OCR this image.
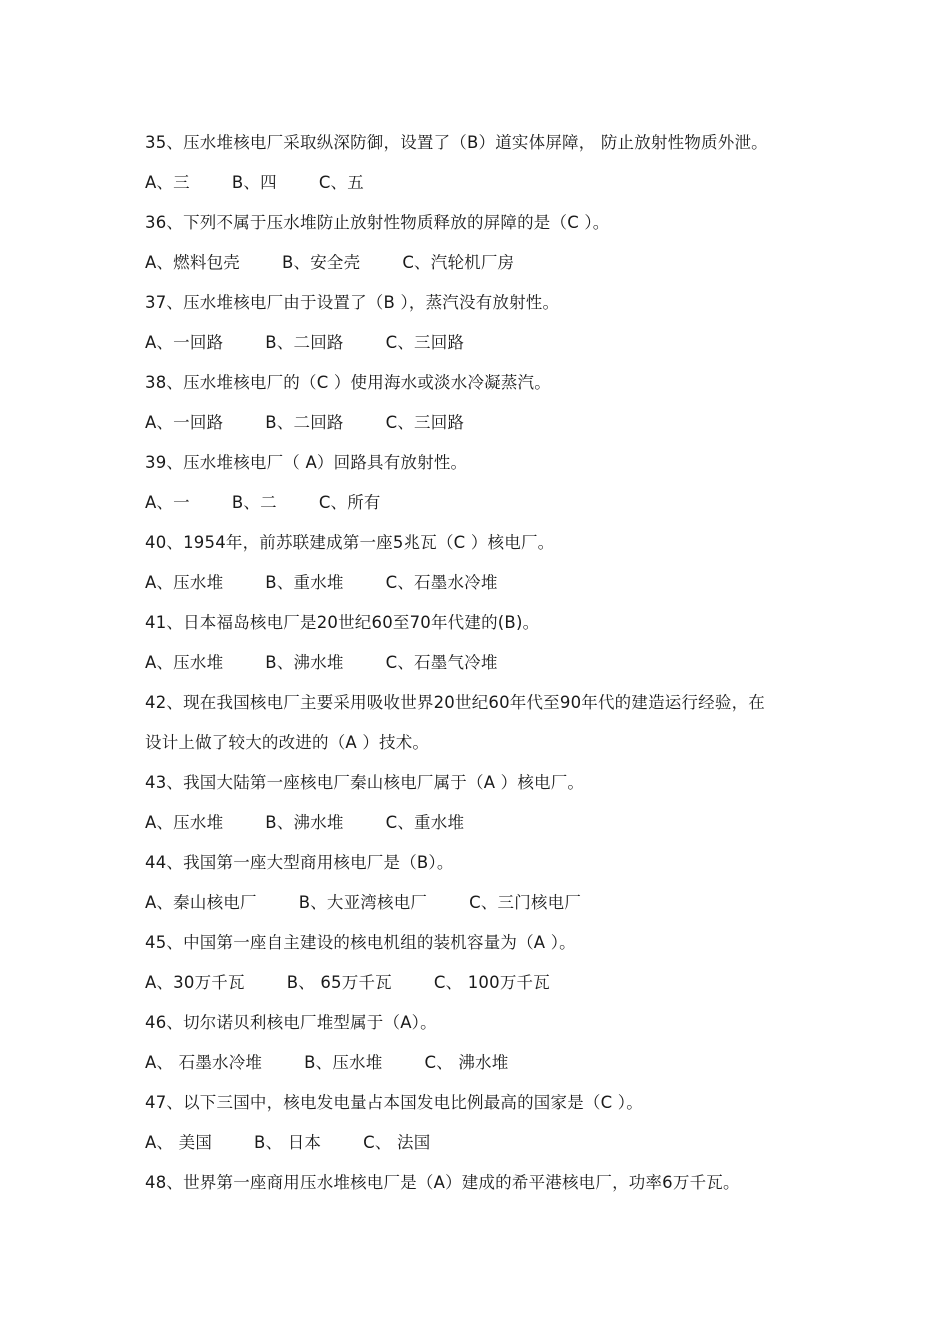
35、压水堆核电厂采取纵深防御，设置了（B）道实体屏障， 防止放射性物质外泄。
A、三	B、四	C、五
36、下列不属于压水堆防止放射性物质释放的屏障的是（C ）。
A、燃料包壳	B、安全壳	C、汽轮机厂房
37、压水堆核电厂由于设置了（B ），蒸汽没有放射性。
A、一回路	B、二回路	C、三回路
38、压水堆核电厂的（C ）使用海水或淡水冷凝蒸汽。
A、一回路	B、二回路	C、三回路
39、压水堆核电厂（ A）回路具有放射性。
A、一	B、二	C、所有
40、1954年，前苏联建成第一座5兆瓦（C ）核电厂。
A、压水堆	B、重水堆	C、石墨水冷堆
41、日本福岛核电厂是20世纪60至70年代建的(B)。
A、压水堆	B、沸水堆	C、石墨气冷堆
42、现在我国核电厂主要采用吸收世界20世纪60年代至90年代的建造运行经验，在
设计上做了较大的改进的（A ）技术。
43、我国大陆第一座核电厂秦山核电厂属于（A ）核电厂。
A、压水堆	B、沸水堆	C、重水堆
44、我国第一座大型商用核电厂是（B）。
A、秦山核电厂	B、大亚湾核电厂	C、三门核电厂
45、中国第一座自主建设的核电机组的装机容量为（A ）。
A、30万千瓦	B、 65万千瓦	C、 100万千瓦
46、切尔诺贝利核电厂堆型属于（A）。
A、 石墨水冷堆	B、压水堆	C、 沸水堆
47、以下三国中，核电发电量占本国发电比例最高的国家是（C ）。
A、 美国	B、 日本	C、 法国
48、世界第一座商用压水堆核电厂是（A）建成的希平港核电厂，功率6万千瓦。
